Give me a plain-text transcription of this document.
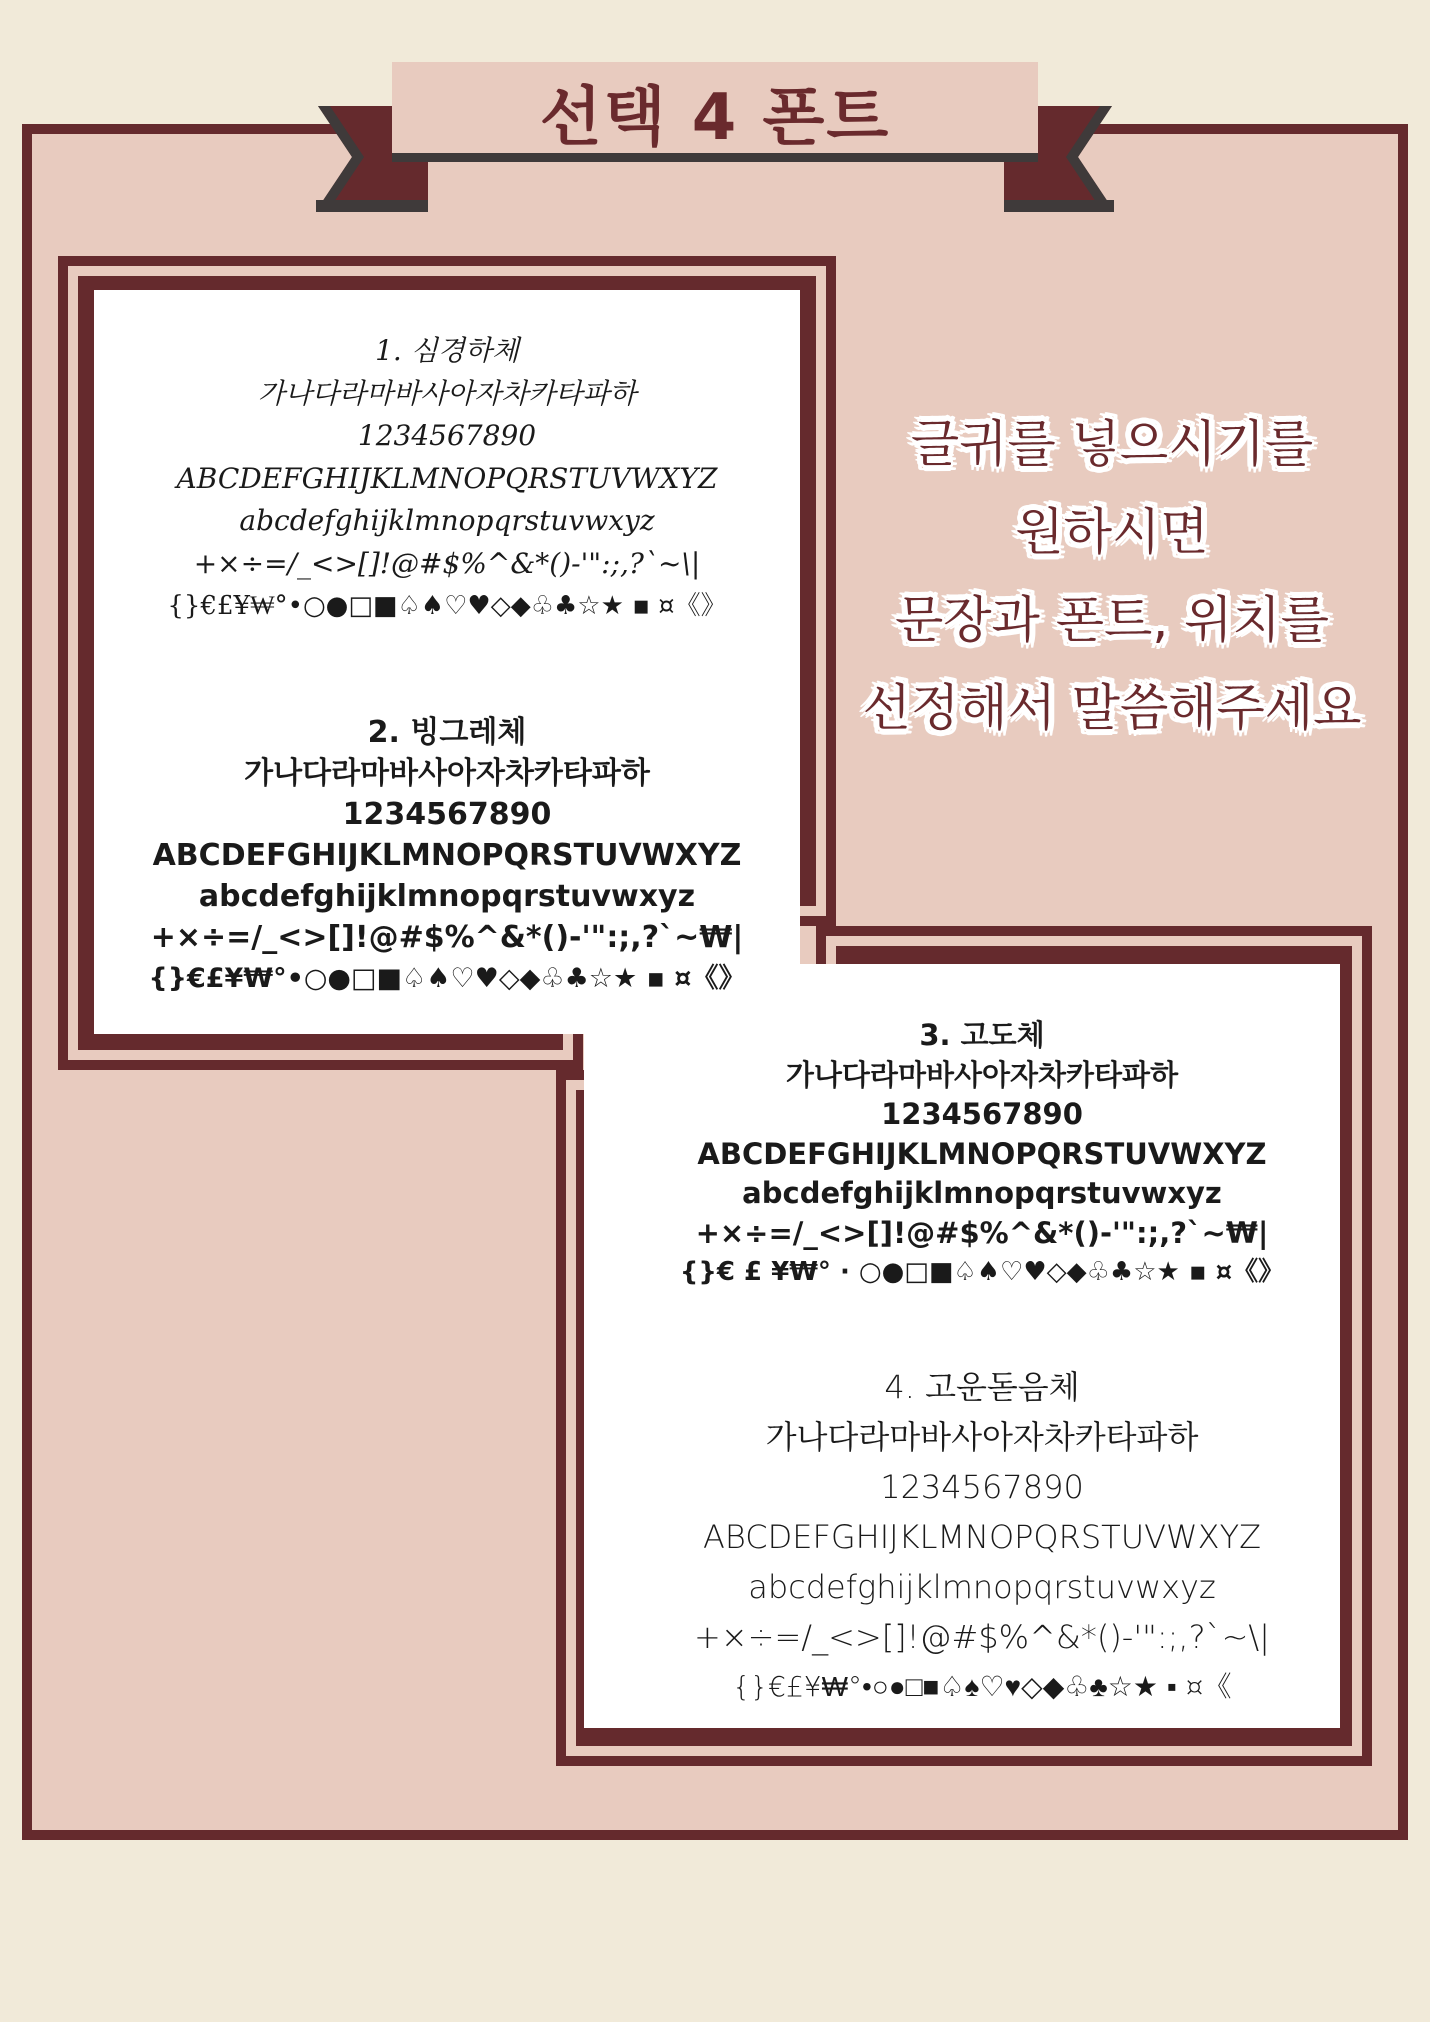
선택 4 폰트
1. 심경하체
가나다라마바사아자차카타파하
1234567890
ABCDEFGHIJKLMNOPQRSTUVWXYZ
abcdefghijklmnopqrstuvwxyz
+×÷=/_<>[]!@#$%^&*()-'":;,?`~\|
{}€£¥₩°•○●□■♤♠♡♥◇◆♧♣☆★ ▪ ¤《》
2. 빙그레체
가나다라마바사아자차카타파하
1234567890
ABCDEFGHIJKLMNOPQRSTUVWXYZ
abcdefghijklmnopqrstuvwxyz
+×÷=/_<>[]!@#$%^&*()-'":;,?`~₩|
{}€£¥₩°•○●□■♤♠♡♥◇◆♧♣☆★ ▪ ¤《》
3. 고도체
가나다라마바사아자차카타파하
1234567890
ABCDEFGHIJKLMNOPQRSTUVWXYZ
abcdefghijklmnopqrstuvwxyz
+×÷=/_<>[]!@#$%^&*()-'":;,?`~₩|
{}€ £ ¥₩° · ○●□■♤♠♡♥◇◆♧♣☆★ ▪ ¤《》
4. 고운돋음체
가나다라마바사아자차카타파하
1234567890
ABCDEFGHIJKLMNOPQRSTUVWXYZ
abcdefghijklmnopqrstuvwxyz
+×÷=/_<>[]!@#$%^&*()-'":;,?`~\|
{}€£¥₩°•○●□■♤♠♡♥◇◆♧♣☆★ ▪ ¤《
글귀를 넣으시기를
원하시면
문장과 폰트, 위치를
선정해서 말씀해주세요
